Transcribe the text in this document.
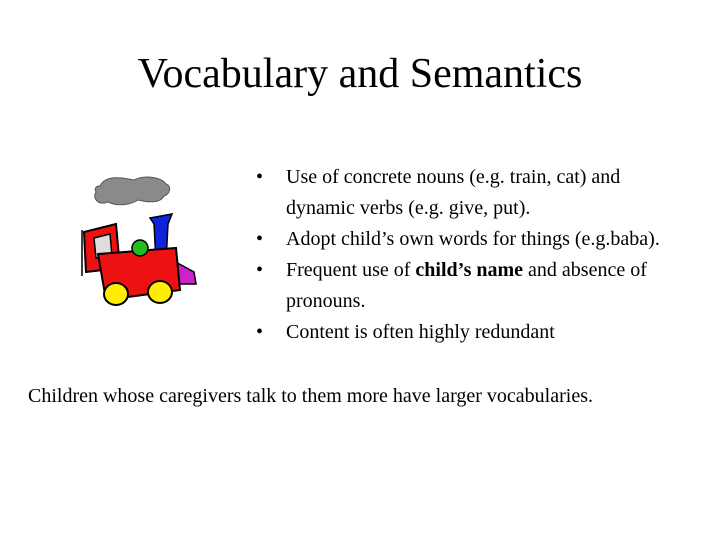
Vocabulary and Semantics
• Use of concrete nouns (e.g. train, cat) and dynamic verbs (e.g. give, put).
• Adopt child’s own words for things (e.g.baba).
• Frequent use of child’s name and absence of pronouns.
• Content is often highly redundant

Children whose caregivers talk to them more have larger vocabularies.
